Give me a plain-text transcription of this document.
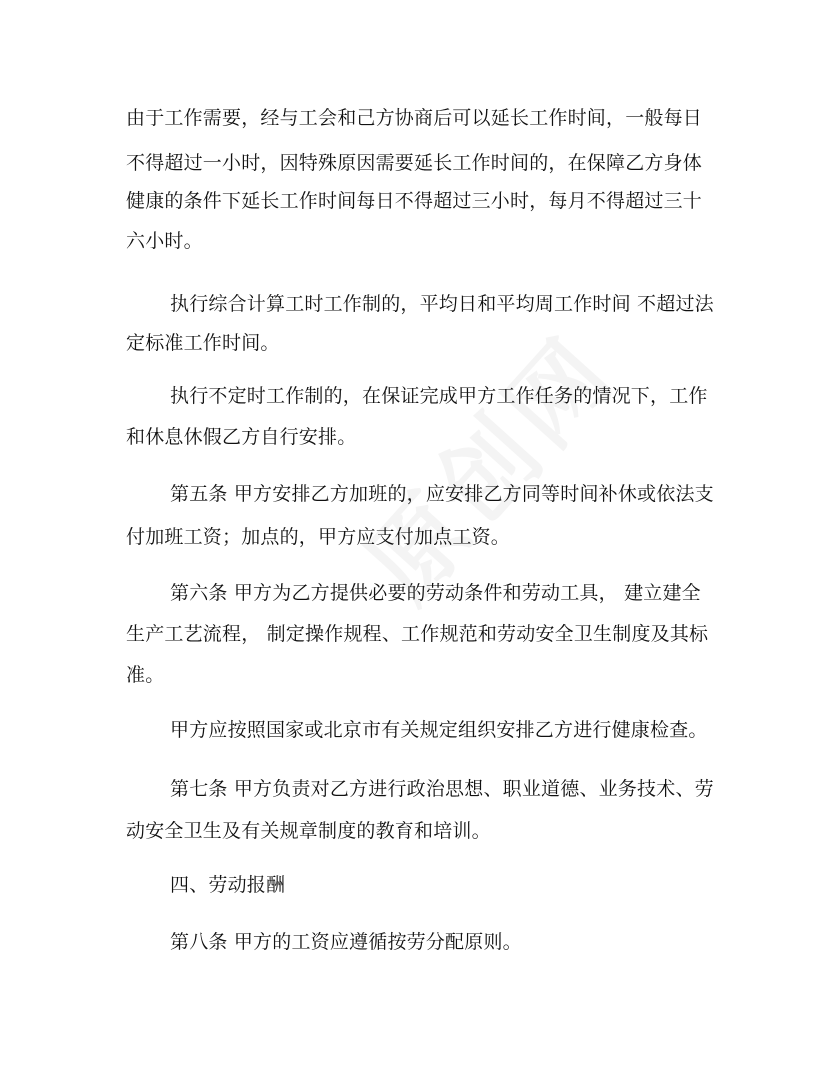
由于工作需要，经与工会和己方协商后可以延长工作时间，一般每日
不得超过一小时，因特殊原因需要延长工作时间的，在保障乙方身体
健康的条件下延长工作时间每日不得超过三小时，每月不得超过三十
六小时。
执行综合计算工时工作制的，平均日和平均周工作时间 不超过法
定标准工作时间。
执行不定时工作制的，在保证完成甲方工作任务的情况下，工作
和休息休假乙方自行安排。
第五条 甲方安排乙方加班的，应安排乙方同等时间补休或依法支
付加班工资；加点的，甲方应支付加点工资。
第六条 甲方为乙方提供必要的劳动条件和劳动工具， 建立建全
生产工艺流程， 制定操作规程、工作规范和劳动安全卫生制度及其标
准。
甲方应按照国家或北京市有关规定组织安排乙方进行健康检查。
第七条 甲方负责对乙方进行政治思想、职业道德、业务技术、劳
动安全卫生及有关规章制度的教育和培训。
四、劳动报酬
第八条 甲方的工资应遵循按劳分配原则。
